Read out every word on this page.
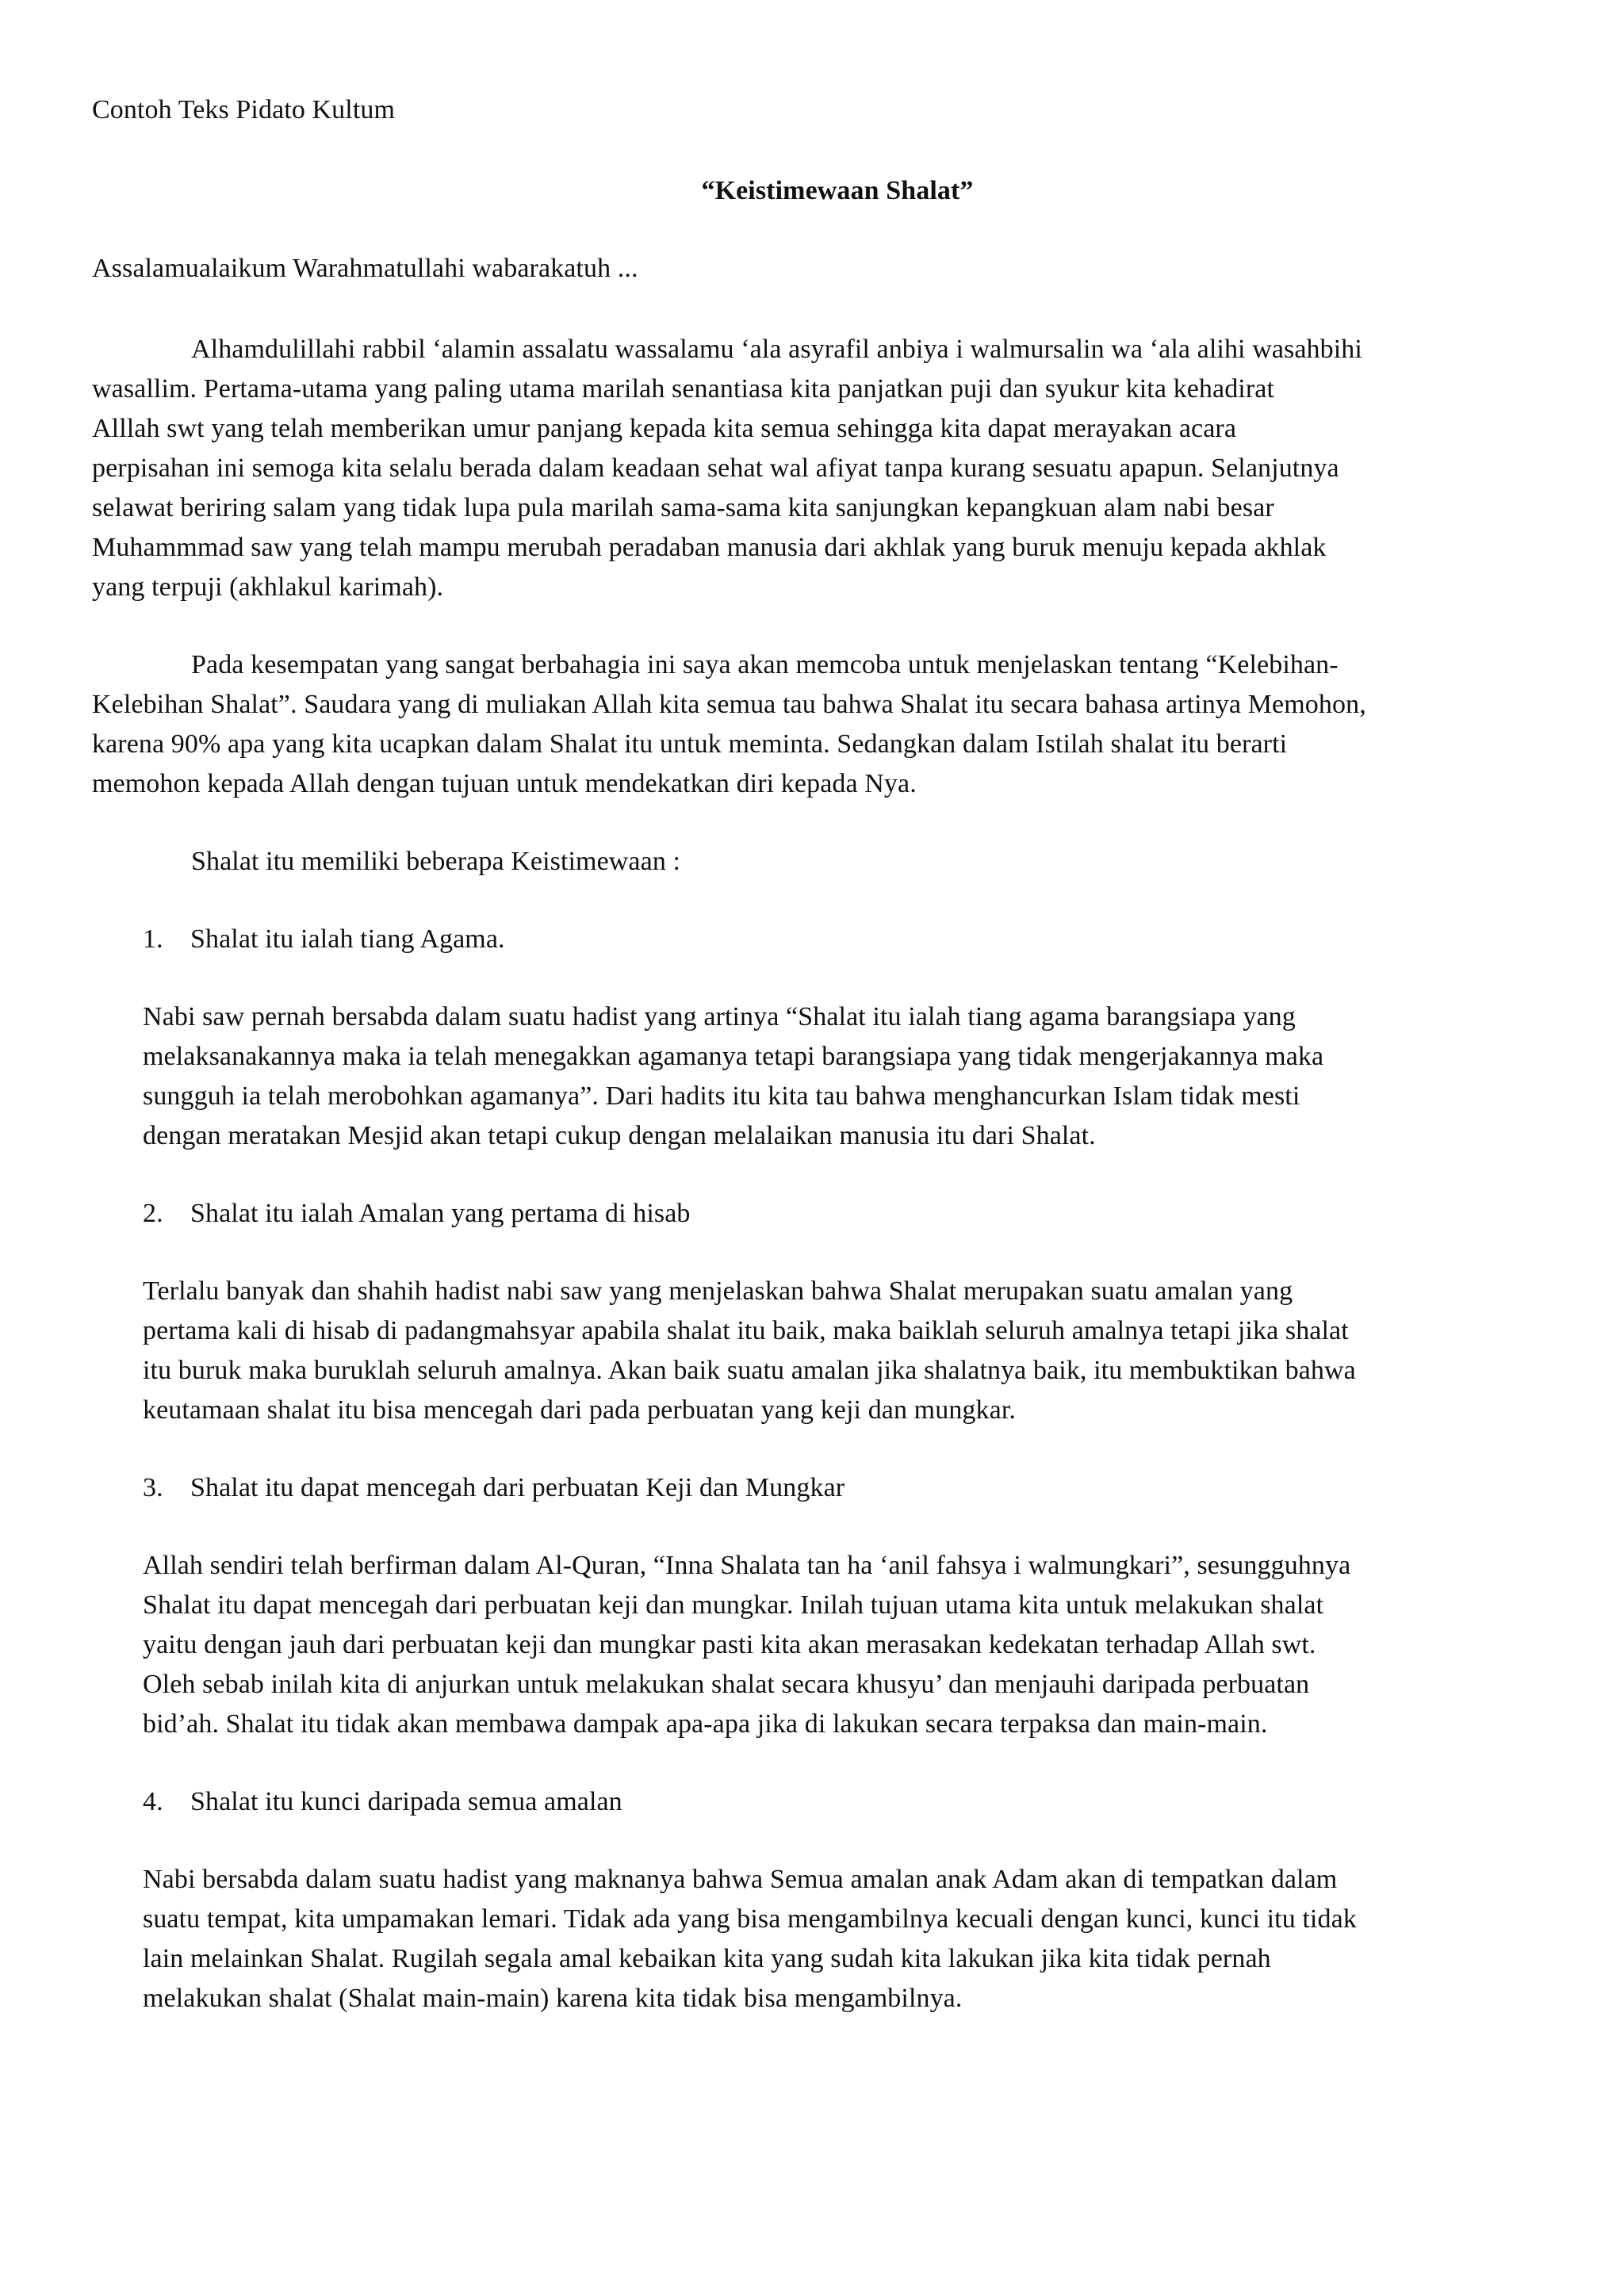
Contoh Teks Pidato Kultum
“Keistimewaan Shalat”
Assalamualaikum Warahmatullahi wabarakatuh ...
Alhamdulillahi rabbil ‘alamin assalatu wassalamu ‘ala asyrafil anbiya i walmursalin wa ‘ala alihi wasahbihi
wasallim. Pertama-utama yang paling utama marilah senantiasa kita panjatkan puji dan syukur kita kehadirat
Alllah swt yang telah memberikan umur panjang kepada kita semua sehingga kita dapat merayakan acara
perpisahan ini semoga kita selalu berada dalam keadaan sehat wal afiyat tanpa kurang sesuatu apapun. Selanjutnya
selawat beriring salam yang tidak lupa pula marilah sama-sama kita sanjungkan kepangkuan alam nabi besar
Muhammmad saw yang telah mampu merubah peradaban manusia dari akhlak yang buruk menuju kepada akhlak
yang terpuji (akhlakul karimah).
Pada kesempatan yang sangat berbahagia ini saya akan memcoba untuk menjelaskan tentang “Kelebihan-
Kelebihan Shalat”. Saudara yang di muliakan Allah kita semua tau bahwa Shalat itu secara bahasa artinya Memohon,
karena 90% apa yang kita ucapkan dalam Shalat itu untuk meminta. Sedangkan dalam Istilah shalat itu berarti
memohon kepada Allah dengan tujuan untuk mendekatkan diri kepada Nya.
Shalat itu memiliki beberapa Keistimewaan :
1.	Shalat itu ialah tiang Agama.
Nabi saw pernah bersabda dalam suatu hadist yang artinya “Shalat itu ialah tiang agama barangsiapa yang
melaksanakannya maka ia telah menegakkan agamanya tetapi barangsiapa yang tidak mengerjakannya maka
sungguh ia telah merobohkan agamanya”. Dari hadits itu kita tau bahwa menghancurkan Islam tidak mesti
dengan meratakan Mesjid akan tetapi cukup dengan melalaikan manusia itu dari Shalat.
2.	Shalat itu ialah Amalan yang pertama di hisab
Terlalu banyak dan shahih hadist nabi saw yang menjelaskan bahwa Shalat merupakan suatu amalan yang
pertama kali di hisab di padangmahsyar apabila shalat itu baik, maka baiklah seluruh amalnya tetapi jika shalat
itu buruk maka buruklah seluruh amalnya. Akan baik suatu amalan jika shalatnya baik, itu membuktikan bahwa
keutamaan shalat itu bisa mencegah dari pada perbuatan yang keji dan mungkar.
3.	Shalat itu dapat mencegah dari perbuatan Keji dan Mungkar
Allah sendiri telah berfirman dalam Al-Quran, “Inna Shalata tan ha ‘anil fahsya i walmungkari”, sesungguhnya
Shalat itu dapat mencegah dari perbuatan keji dan mungkar. Inilah tujuan utama kita untuk melakukan shalat
yaitu dengan jauh dari perbuatan keji dan mungkar pasti kita akan merasakan kedekatan terhadap Allah swt.
Oleh sebab inilah kita di anjurkan untuk melakukan shalat secara khusyu’ dan menjauhi daripada perbuatan
bid’ah. Shalat itu tidak akan membawa dampak apa-apa jika di lakukan secara terpaksa dan main-main.
4.	Shalat itu kunci daripada semua amalan
Nabi bersabda dalam suatu hadist yang maknanya bahwa Semua amalan anak Adam akan di tempatkan dalam
suatu tempat, kita umpamakan lemari. Tidak ada yang bisa mengambilnya kecuali dengan kunci, kunci itu tidak
lain melainkan Shalat. Rugilah segala amal kebaikan kita yang sudah kita lakukan jika kita tidak pernah
melakukan shalat (Shalat main-main) karena kita tidak bisa mengambilnya.
